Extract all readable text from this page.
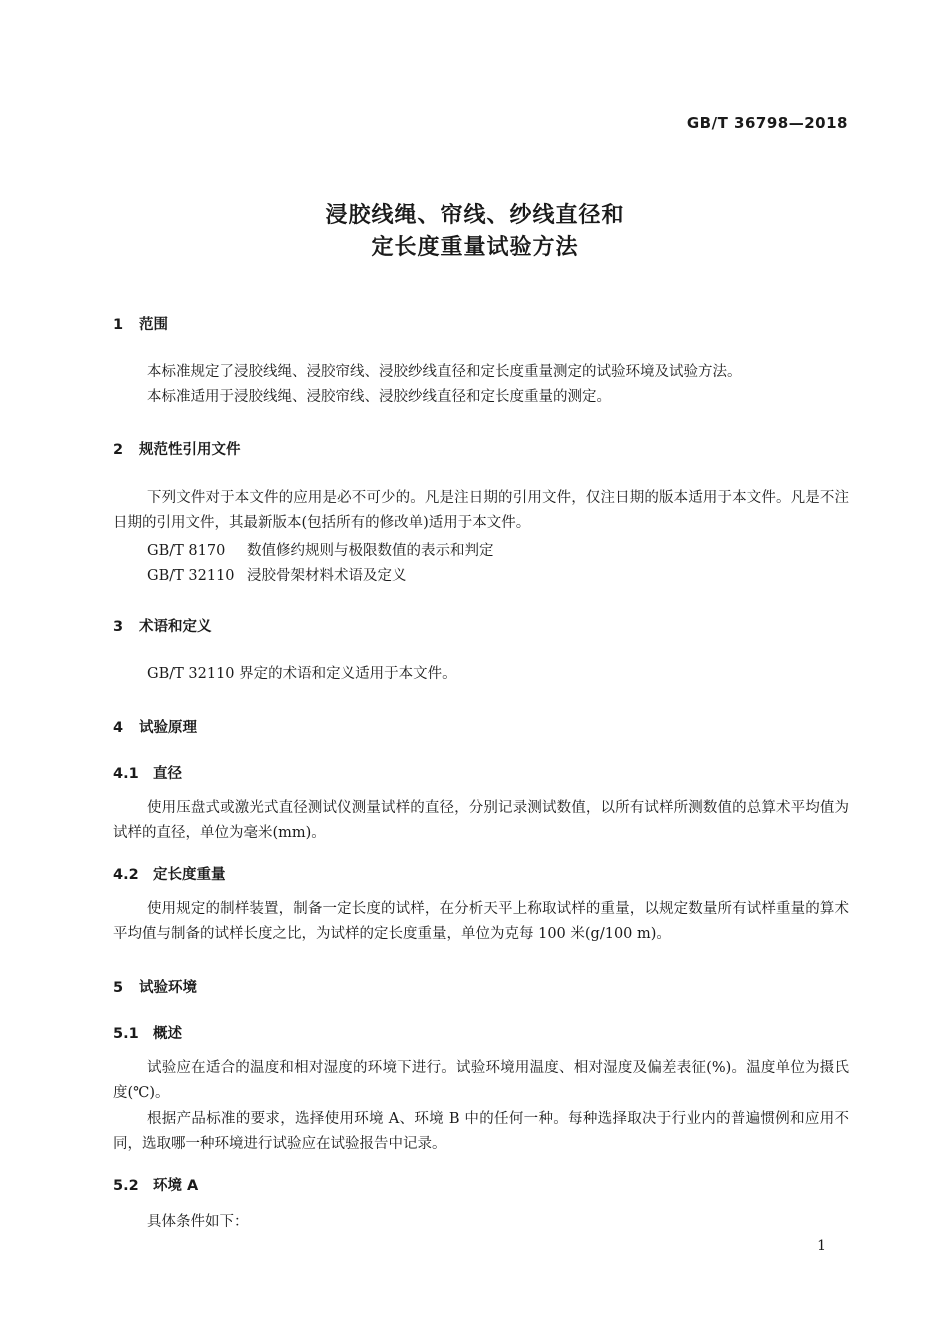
GB/T 36798—2018
浸胶线绳、帘线、纱线直径和
定长度重量试验方法
1 范围
本标准规定了浸胶线绳、浸胶帘线、浸胶纱线直径和定长度重量测定的试验环境及试验方法。
本标准适用于浸胶线绳、浸胶帘线、浸胶纱线直径和定长度重量的测定。
2 规范性引用文件
下列文件对于本文件的应用是必不可少的。凡是注日期的引用文件，仅注日期的版本适用于本文件。凡是不注日期的引用文件，其最新版本(包括所有的修改单)适用于本文件。
GB/T 8170 数值修约规则与极限数值的表示和判定
GB/T 32110 浸胶骨架材料术语及定义
3 术语和定义
GB/T 32110 界定的术语和定义适用于本文件。
4 试验原理
4.1 直径
使用压盘式或激光式直径测试仪测量试样的直径，分别记录测试数值，以所有试样所测数值的总算术平均值为试样的直径，单位为毫米(mm)。
4.2 定长度重量
使用规定的制样装置，制备一定长度的试样，在分析天平上称取试样的重量，以规定数量所有试样重量的算术平均值与制备的试样长度之比，为试样的定长度重量，单位为克每 100 米(g/100 m)。
5 试验环境
5.1 概述
试验应在适合的温度和相对湿度的环境下进行。试验环境用温度、相对湿度及偏差表征(%)。温度单位为摄氏度(℃)。
根据产品标准的要求，选择使用环境 A、环境 B 中的任何一种。每种选择取决于行业内的普遍惯例和应用不同，选取哪一种环境进行试验应在试验报告中记录。
5.2 环境 A
具体条件如下：
1
